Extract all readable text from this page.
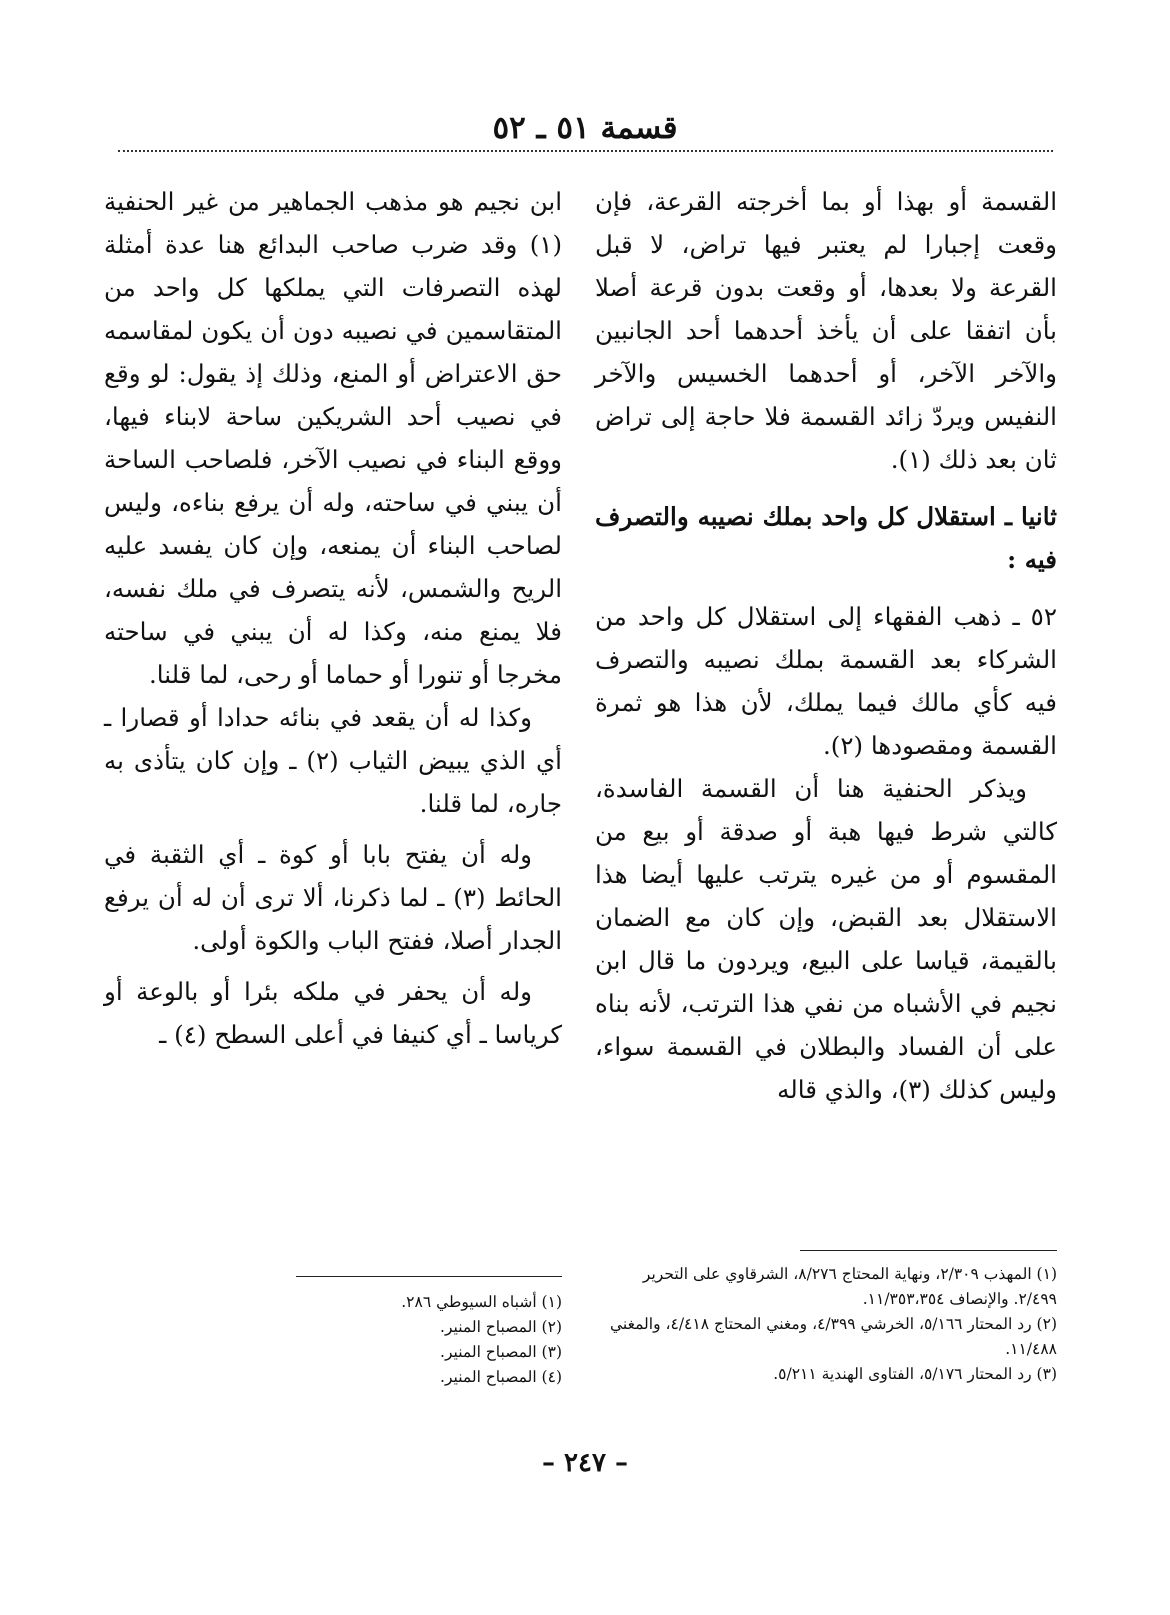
قسمة ٥١ ـ ٥٢

القسمة أو بهذا أو بما أخرجته القرعة، فإن وقعت إجبارا لم يعتبر فيها تراض، لا قبل القرعة ولا بعدها، أو وقعت بدون قرعة أصلا بأن اتفقا على أن يأخذ أحدهما أحد الجانبين والآخر الآخر، أو أحدهما الخسيس والآخر النفيس ويردّ زائد القسمة فلا حاجة إلى تراض ثان بعد ذلك (١).

ثانيا ـ استقلال كل واحد بملك نصيبه والتصرف فيه :

٥٢ ـ ذهب الفقهاء إلى استقلال كل واحد من الشركاء بعد القسمة بملك نصيبه والتصرف فيه كأي مالك فيما يملك، لأن هذا هو ثمرة القسمة ومقصودها (٢).

ويذكر الحنفية هنا أن القسمة الفاسدة، كالتي شرط فيها هبة أو صدقة أو بيع من المقسوم أو من غيره يترتب عليها أيضا هذا الاستقلال بعد القبض، وإن كان مع الضمان بالقيمة، قياسا على البيع، ويردون ما قال ابن نجيم في الأشباه من نفي هذا الترتب، لأنه بناه على أن الفساد والبطلان في القسمة سواء، وليس كذلك (٣)، والذي قاله

ابن نجيم هو مذهب الجماهير من غير الحنفية (١) وقد ضرب صاحب البدائع هنا عدة أمثلة لهذه التصرفات التي يملكها كل واحد من المتقاسمين في نصيبه دون أن يكون لمقاسمه حق الاعتراض أو المنع، وذلك إذ يقول: لو وقع في نصيب أحد الشريكين ساحة لابناء فيها، ووقع البناء في نصيب الآخر، فلصاحب الساحة أن يبني في ساحته، وله أن يرفع بناءه، وليس لصاحب البناء أن يمنعه، وإن كان يفسد عليه الريح والشمس، لأنه يتصرف في ملك نفسه، فلا يمنع منه، وكذا له أن يبني في ساحته مخرجا أو تنورا أو حماما أو رحى، لما قلنا.

وكذا له أن يقعد في بنائه حدادا أو قصارا ـ أي الذي يبيض الثياب (٢) ـ وإن كان يتأذى به جاره، لما قلنا.

وله أن يفتح بابا أو كوة ـ أي الثقبة في الحائط (٣) ـ لما ذكرنا، ألا ترى أن له أن يرفع الجدار أصلا، ففتح الباب والكوة أولى.

وله أن يحفر في ملكه بئرا أو بالوعة أو كرياسا ـ أي كنيفا في أعلى السطح (٤) ـ

(١) المهذب ٢/٣٠٩، ونهاية المحتاج ٨/٢٧٦، الشرقاوي على التحرير ٢/٤٩٩. والإنصاف ١١/٣٥٣،٣٥٤.

(٢) رد المحتار ٥/١٦٦، الخرشي ٤/٣٩٩، ومغني المحتاج ٤/٤١٨، والمغني ١١/٤٨٨.

(٣) رد المحتار ٥/١٧٦، الفتاوى الهندية ٥/٢١١.

(١) أشباه السيوطي ٢٨٦.

(٢) المصباح المنير.

(٣) المصباح المنير.

(٤) المصباح المنير.

– ٢٤٧ –
